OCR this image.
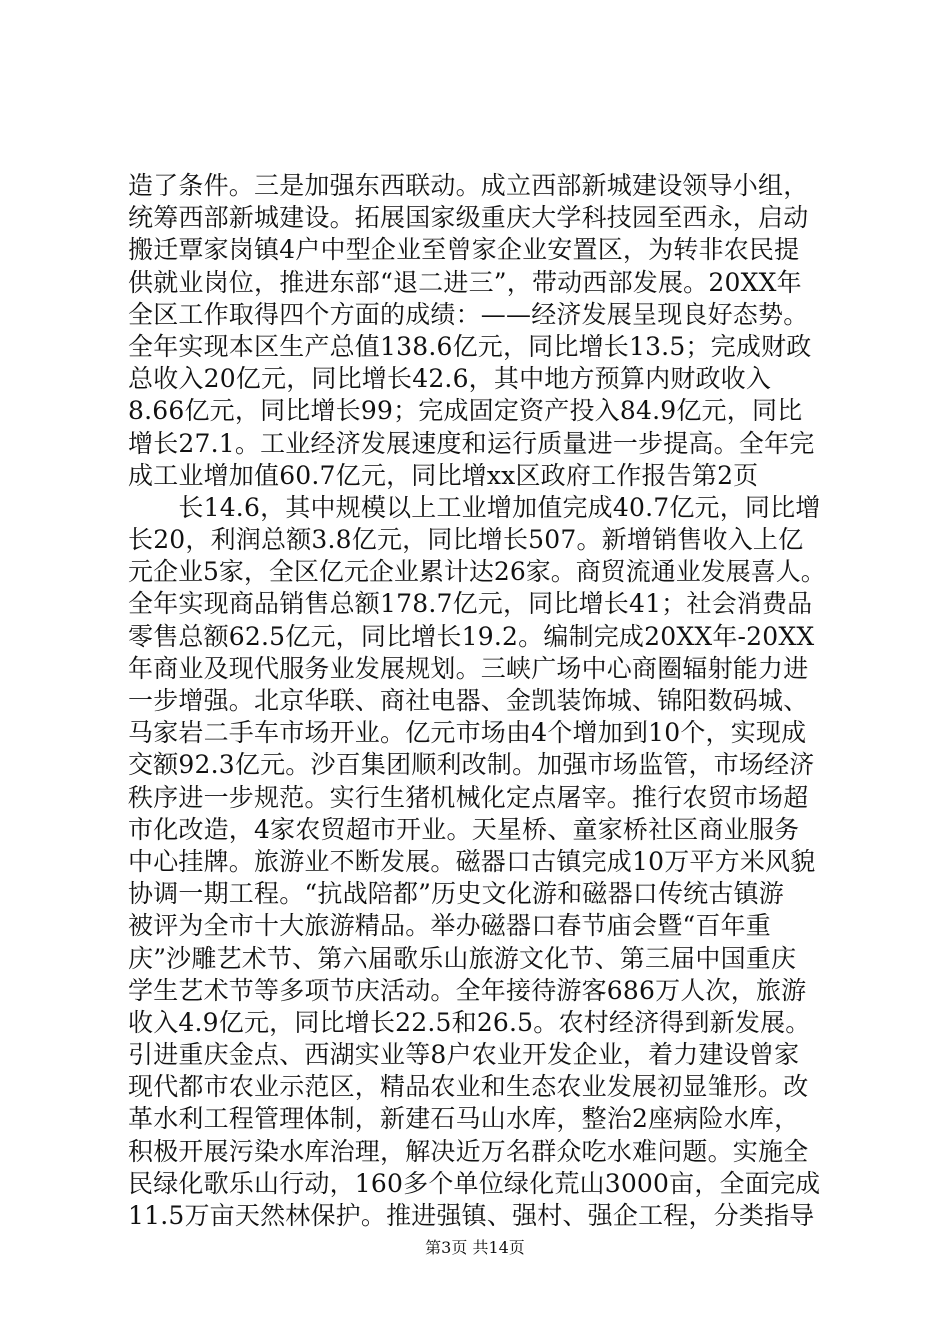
造了条件。三是加强东西联动。成立西部新城建设领导小组，
统筹西部新城建设。拓展国家级重庆大学科技园至西永，启动
搬迁覃家岗镇4户中型企业至曾家企业安置区，为转非农民提
供就业岗位，推进东部“退二进三”，带动西部发展。20XX年
全区工作取得四个方面的成绩：——经济发展呈现良好态势。
全年实现本区生产总值138.6亿元，同比增长13.5；完成财政
总收入20亿元，同比增长42.6，其中地方预算内财政收入
8.66亿元，同比增长99；完成固定资产投入84.9亿元，同比
增长27.1。工业经济发展速度和运行质量进一步提高。全年完
成工业增加值60.7亿元，同比增xx区政府工作报告第2页
　　长14.6，其中规模以上工业增加值完成40.7亿元，同比增
长20，利润总额3.8亿元，同比增长507。新增销售收入上亿
元企业5家，全区亿元企业累计达26家。商贸流通业发展喜人。
全年实现商品销售总额178.7亿元，同比增长41；社会消费品
零售总额62.5亿元，同比增长19.2。编制完成20XX年-20XX
年商业及现代服务业发展规划。三峡广场中心商圈辐射能力进
一步增强。北京华联、商社电器、金凯装饰城、锦阳数码城、
马家岩二手车市场开业。亿元市场由4个增加到10个，实现成
交额92.3亿元。沙百集团顺利改制。加强市场监管，市场经济
秩序进一步规范。实行生猪机械化定点屠宰。推行农贸市场超
市化改造，4家农贸超市开业。天星桥、童家桥社区商业服务
中心挂牌。旅游业不断发展。磁器口古镇完成10万平方米风貌
协调一期工程。“抗战陪都”历史文化游和磁器口传统古镇游
被评为全市十大旅游精品。举办磁器口春节庙会暨“百年重
庆”沙雕艺术节、第六届歌乐山旅游文化节、第三届中国重庆
学生艺术节等多项节庆活动。全年接待游客686万人次，旅游
收入4.9亿元，同比增长22.5和26.5。农村经济得到新发展。
引进重庆金点、西湖实业等8户农业开发企业，着力建设曾家
现代都市农业示范区，精品农业和生态农业发展初显雏形。改
革水利工程管理体制，新建石马山水库，整治2座病险水库，
积极开展污染水库治理，解决近万名群众吃水难问题。实施全
民绿化歌乐山行动，160多个单位绿化荒山3000亩，全面完成
11.5万亩天然林保护。推进强镇、强村、强企工程，分类指导
第3页 共14页
